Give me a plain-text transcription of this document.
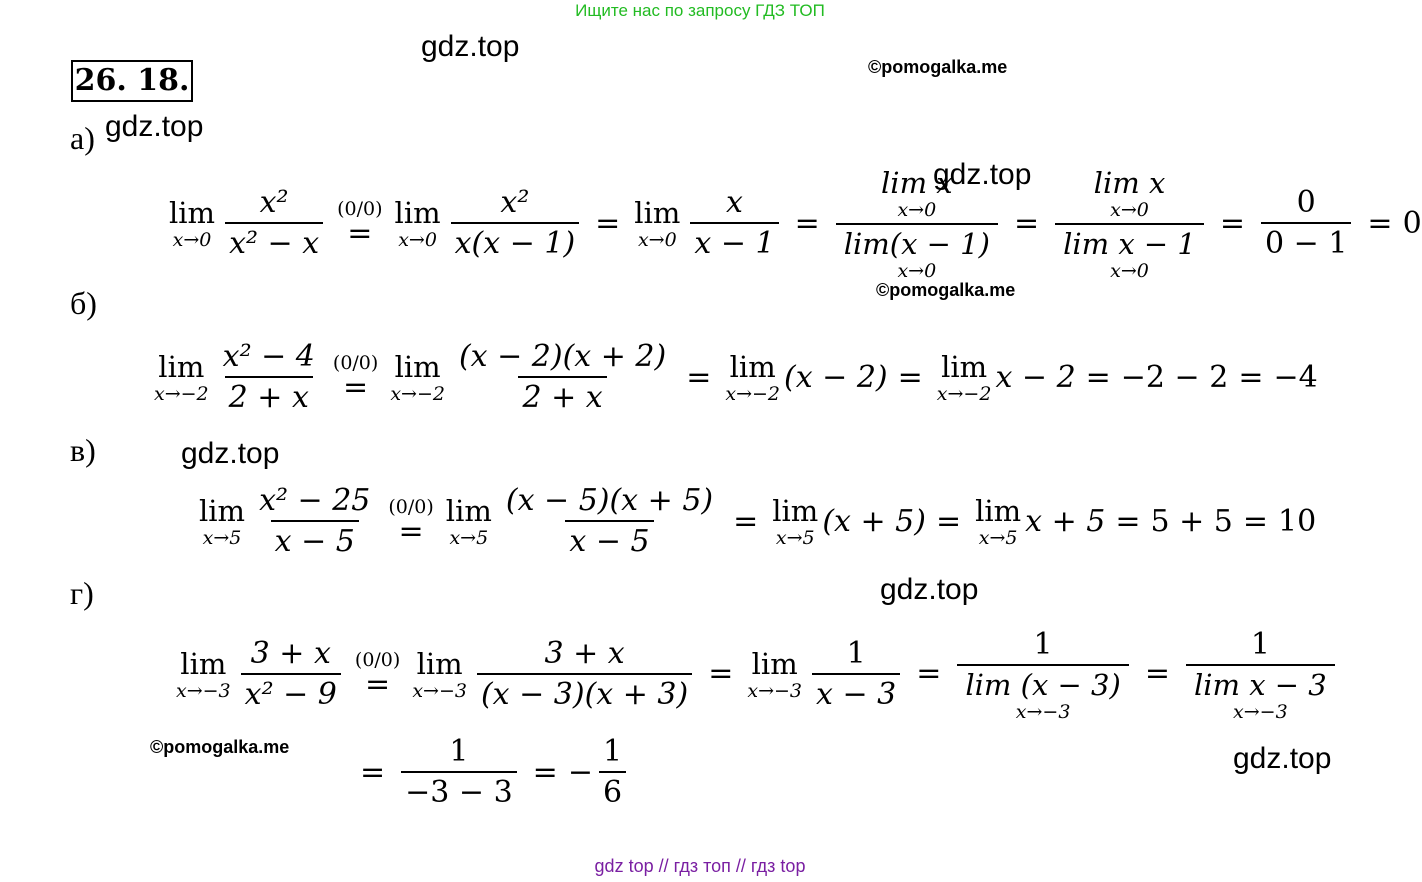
Ищите нас по запросу ГДЗ ТОП
gdz.top
©pomogalka.me
26. 18.
а) gdz.top
gdz.top
lim
$x\to 0 \frac{\text{x²}}{\text{x² − x}} (0/0)$
=
lim
$x\to 0 \frac{\text{x²}}{x(x - 1)} = \lim$
$x\to 0 \frac{x}{x - 1} = \lim x$
x→0
lim(x − 1)
x→0 = lim x
x→0
lim x − 1
$x\to 0 = \frac{0}{0 - 1} = 0$
©pomogalka.me
б)
lim
$x\to-2 \frac{\text{x² − 4}}{2 + x} (0/0)$
=
lim
$x\to-2 \frac{(x - 2)(x + 2)}{2 + x} = \lim$
x→−2 (x − 2) = lim
x→−2 x − 2 = −2 − 2 = −4
в)	gdz.top
lim
$x\to 5 \frac{\text{x² − 25}}{x - 5} (0/0)$
=
lim
$x\to 5 \frac{(x - 5)(x + 5)}{x - 5} = \lim$
x→5 (x + 5) = lim
x→5 x + 5 = 5 + 5 = 10
г)	gdz.top
lim
$x\to-3 \frac{3 + x}{\text{x² − 9}} (0/0)$
=
lim
$x\to-3 \frac{3 + x}{(x - 3)(x + 3)} = \lim$
$x\to-3 \frac{1}{x - 3} = 1$
lim (x − 3)
x→−3 = 1
lim x − 3
x→−3
©pomogalka.me
= $\frac{1}{-3 - 3}$ = − $\frac{1}{6}$	gdz.top
gdz top // гдз топ // гдз top
